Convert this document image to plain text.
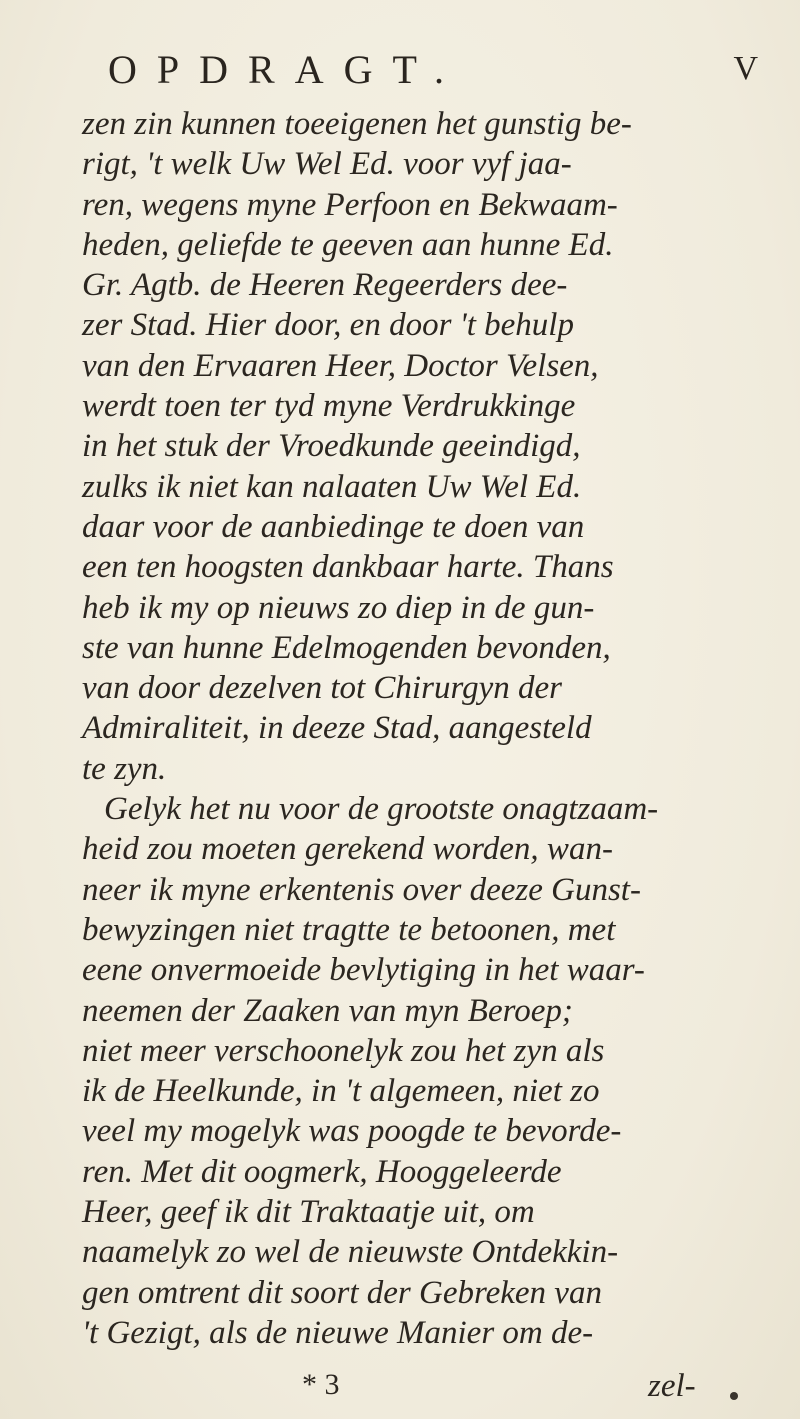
OPDRAGT.	V
zen zin kunnen toeeigenen het gunstig be-
rigt, 't welk Uw Wel Ed. voor vyf jaa-
ren, wegens myne Perfoon en Bekwaam-
heden, geliefde te geeven aan hunne Ed.
Gr. Agtb. de Heeren Regeerders dee-
zer Stad. Hier door, en door 't behulp
van den Ervaaren Heer, Doctor Velsen,
werdt toen ter tyd myne Verdrukkinge
in het stuk der Vroedkunde geeindigd,
zulks ik niet kan nalaaten Uw Wel Ed.
daar voor de aanbiedinge te doen van
een ten hoogsten dankbaar harte. Thans
heb ik my op nieuws zo diep in de gun-
ste van hunne Edelmogenden bevonden,
van door dezelven tot Chirurgyn der
Admiraliteit, in deeze Stad, aangesteld
te zyn.
Gelyk het nu voor de grootste onagtzaam-
heid zou moeten gerekend worden, wan-
neer ik myne erkentenis over deeze Gunst-
bewyzingen niet tragtte te betoonen, met
eene onvermoeide bevlytiging in het waar-
neemen der Zaaken van myn Beroep;
niet meer verschoonelyk zou het zyn als
ik de Heelkunde, in 't algemeen, niet zo
veel my mogelyk was poogde te bevorde-
ren. Met dit oogmerk, Hooggeleerde
Heer, geef ik dit Traktaatje uit, om
naamelyk zo wel de nieuwste Ontdekkin-
gen omtrent dit soort der Gebreken van
't Gezigt, als de nieuwe Manier om de-
* 3	zel-
